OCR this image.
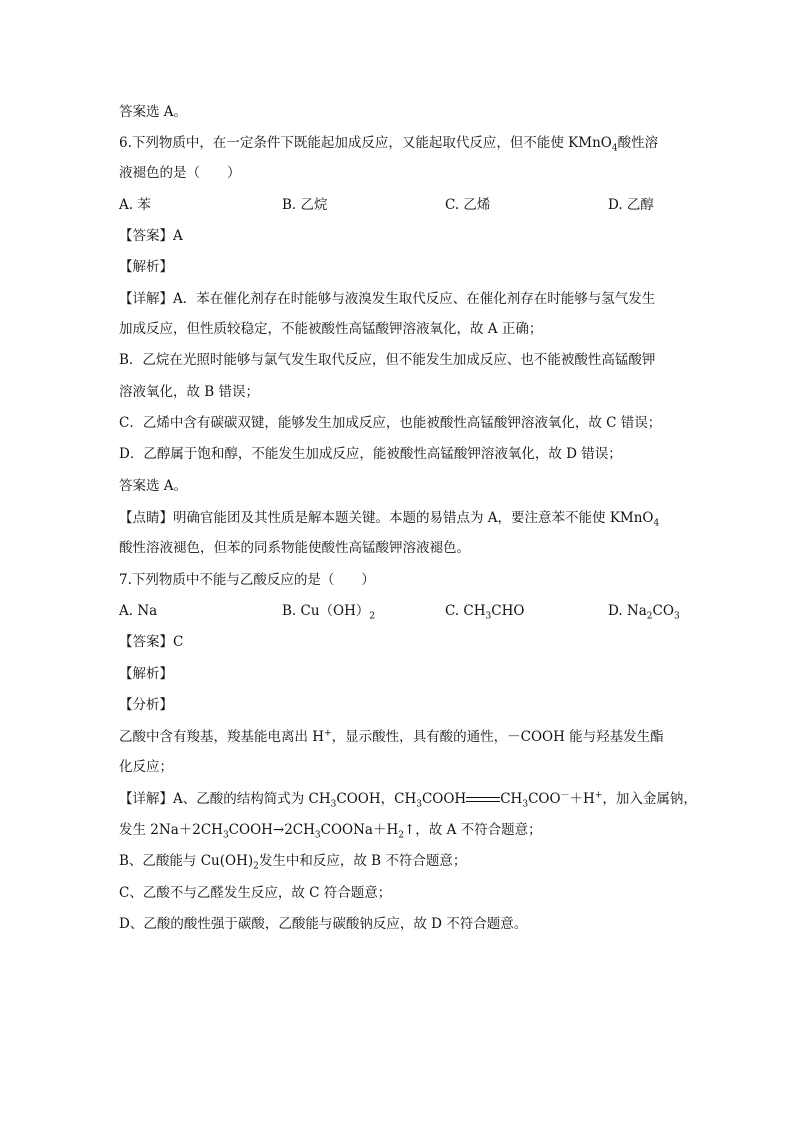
答案选 A。
6.下列物质中，在一定条件下既能起加成反应，又能起取代反应，但不能使 KMnO$_4$酸性溶
液褪色的是（　　）
A. 苯	B. 乙烷	C. 乙烯	D. 乙醇
【答案】A
【解析】
【详解】A．苯在催化剂存在时能够与液溴发生取代反应、在催化剂存在时能够与氢气发生
加成反应，但性质较稳定，不能被酸性高锰酸钾溶液氧化，故 A 正确；
B．乙烷在光照时能够与氯气发生取代反应，但不能发生加成反应、也不能被酸性高锰酸钾
溶液氧化，故 B 错误；
C．乙烯中含有碳碳双键，能够发生加成反应，也能被酸性高锰酸钾溶液氧化，故 C 错误；
D．乙醇属于饱和醇，不能发生加成反应，能被酸性高锰酸钾溶液氧化，故 D 错误；
答案选 A。
【点睛】明确官能团及其性质是解本题关键。本题的易错点为 A，要注意苯不能使 KMnO$_4$
酸性溶液褪色，但苯的同系物能使酸性高锰酸钾溶液褪色。
7.下列物质中不能与乙酸反应的是（　　）
A. Na	B. $Cu(OH)_2$	C. $CH_3CHO$	D. $Na_2CO_3$
【答案】C
【解析】
【分析】
乙酸中含有羧基，羧基能电离出 H+，显示酸性，具有酸的通性，－COOH 能与羟基发生酯
化反应；
【详解】A、乙酸的结构简式为 $CH_3COOH$，$CH_3COOH$	$CH_3COO^-+H^+$，加入金属钠，
发生 $2Na+2CH_3COOH\to 2CH_3COONa+H_2↑$，故 A 不符合题意；
B、乙酸能与 $Cu(OH)_2$发生中和反应，故 B 不符合题意；
C、乙酸不与乙醛发生反应，故 C 符合题意；
D、乙酸的酸性强于碳酸，乙酸能与碳酸钠反应，故 D 不符合题意。
